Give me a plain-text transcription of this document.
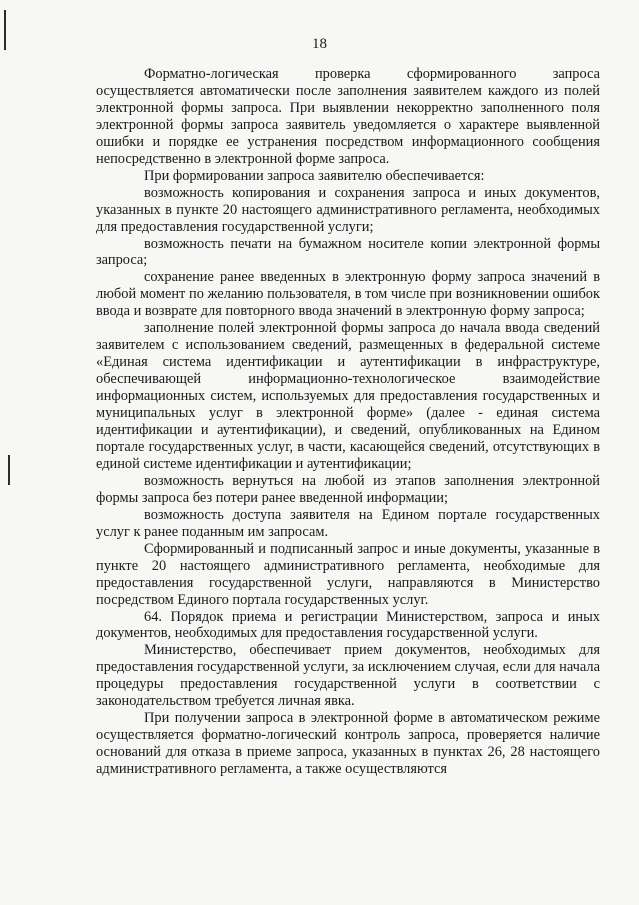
18

Форматно-логическая проверка сформированного запроса осуществляется автоматически после заполнения заявителем каждого из полей электронной формы запроса. При выявлении некорректно заполненного поля электронной формы запроса заявитель уведомляется о характере выявленной ошибки и порядке ее устранения посредством информационного сообщения непосредственно в электронной форме запроса.

При формировании запроса заявителю обеспечивается:

возможность копирования и сохранения запроса и иных документов, указанных в пункте 20 настоящего административного регламента, необходимых для предоставления государственной услуги;

возможность печати на бумажном носителе копии электронной формы запроса;

сохранение ранее введенных в электронную форму запроса значений в любой момент по желанию пользователя, в том числе при возникновении ошибок ввода и возврате для повторного ввода значений в электронную форму запроса;

заполнение полей электронной формы запроса до начала ввода сведений заявителем с использованием сведений, размещенных в федеральной системе «Единая система идентификации и аутентификации в инфраструктуре, обеспечивающей информационно-технологическое взаимодействие информационных систем, используемых для предоставления государственных и муниципальных услуг в электронной форме» (далее - единая система идентификации и аутентификации), и сведений, опубликованных на Едином портале государственных услуг, в части, касающейся сведений, отсутствующих в единой системе идентификации и аутентификации;

возможность вернуться на любой из этапов заполнения электронной формы запроса без потери ранее введенной информации;

возможность доступа заявителя на Едином портале государственных услуг к ранее поданным им запросам.

Сформированный и подписанный запрос и иные документы, указанные в пункте 20 настоящего административного регламента, необходимые для предоставления государственной услуги, направляются в Министерство посредством Единого портала государственных услуг.

64. Порядок приема и регистрации Министерством, запроса и иных документов, необходимых для предоставления государственной услуги.

Министерство, обеспечивает прием документов, необходимых для предоставления государственной услуги, за исключением случая, если для начала процедуры предоставления государственной услуги в соответствии с законодательством требуется личная явка.

При получении запроса в электронной форме в автоматическом режиме осуществляется форматно-логический контроль запроса, проверяется наличие оснований для отказа в приеме запроса, указанных в пунктах 26, 28 настоящего административного регламента, а также осуществляются
